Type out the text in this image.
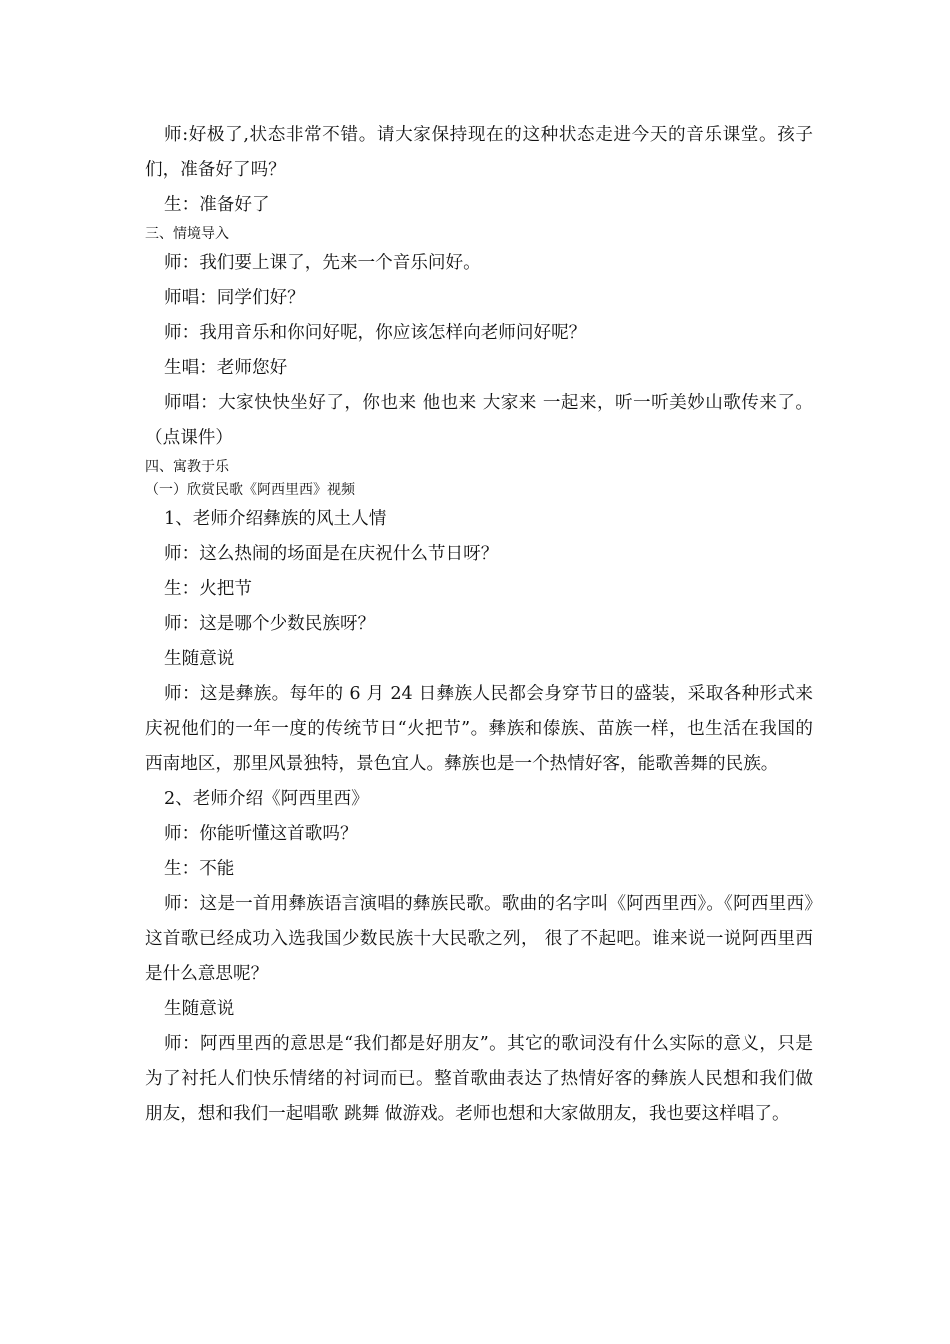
师:好极了,状态非常不错。请大家保持现在的这种状态走进今天的音乐课堂。孩子们，准备好了吗？

生：准备好了

三、情境导入

师：我们要上课了，先来一个音乐问好。

师唱：同学们好？

师：我用音乐和你问好呢，你应该怎样向老师问好呢？

生唱：老师您好

师唱：大家快快坐好了，你也来 他也来 大家来 一起来，听一听美妙山歌传来了。（点课件）

四、寓教于乐

（一）欣赏民歌《阿西里西》视频

1、老师介绍彝族的风土人情

师：这么热闹的场面是在庆祝什么节日呀？

生：火把节

师：这是哪个少数民族呀？

生随意说

师：这是彝族。每年的 6 月 24 日彝族人民都会身穿节日的盛装，采取各种形式来庆祝他们的一年一度的传统节日“火把节”。彝族和傣族、苗族一样，也生活在我国的西南地区，那里风景独特，景色宜人。彝族也是一个热情好客，能歌善舞的民族。

2、老师介绍《阿西里西》

师：你能听懂这首歌吗？

生：不能

师：这是一首用彝族语言演唱的彝族民歌。歌曲的名字叫《阿西里西》。《阿西里西》这首歌已经成功入选我国少数民族十大民歌之列， 很了不起吧。谁来说一说阿西里西是什么意思呢？

生随意说

师：阿西里西的意思是“我们都是好朋友”。其它的歌词没有什么实际的意义，只是为了衬托人们快乐情绪的衬词而已。整首歌曲表达了热情好客的彝族人民想和我们做朋友，想和我们一起唱歌 跳舞 做游戏。老师也想和大家做朋友，我也要这样唱了。
